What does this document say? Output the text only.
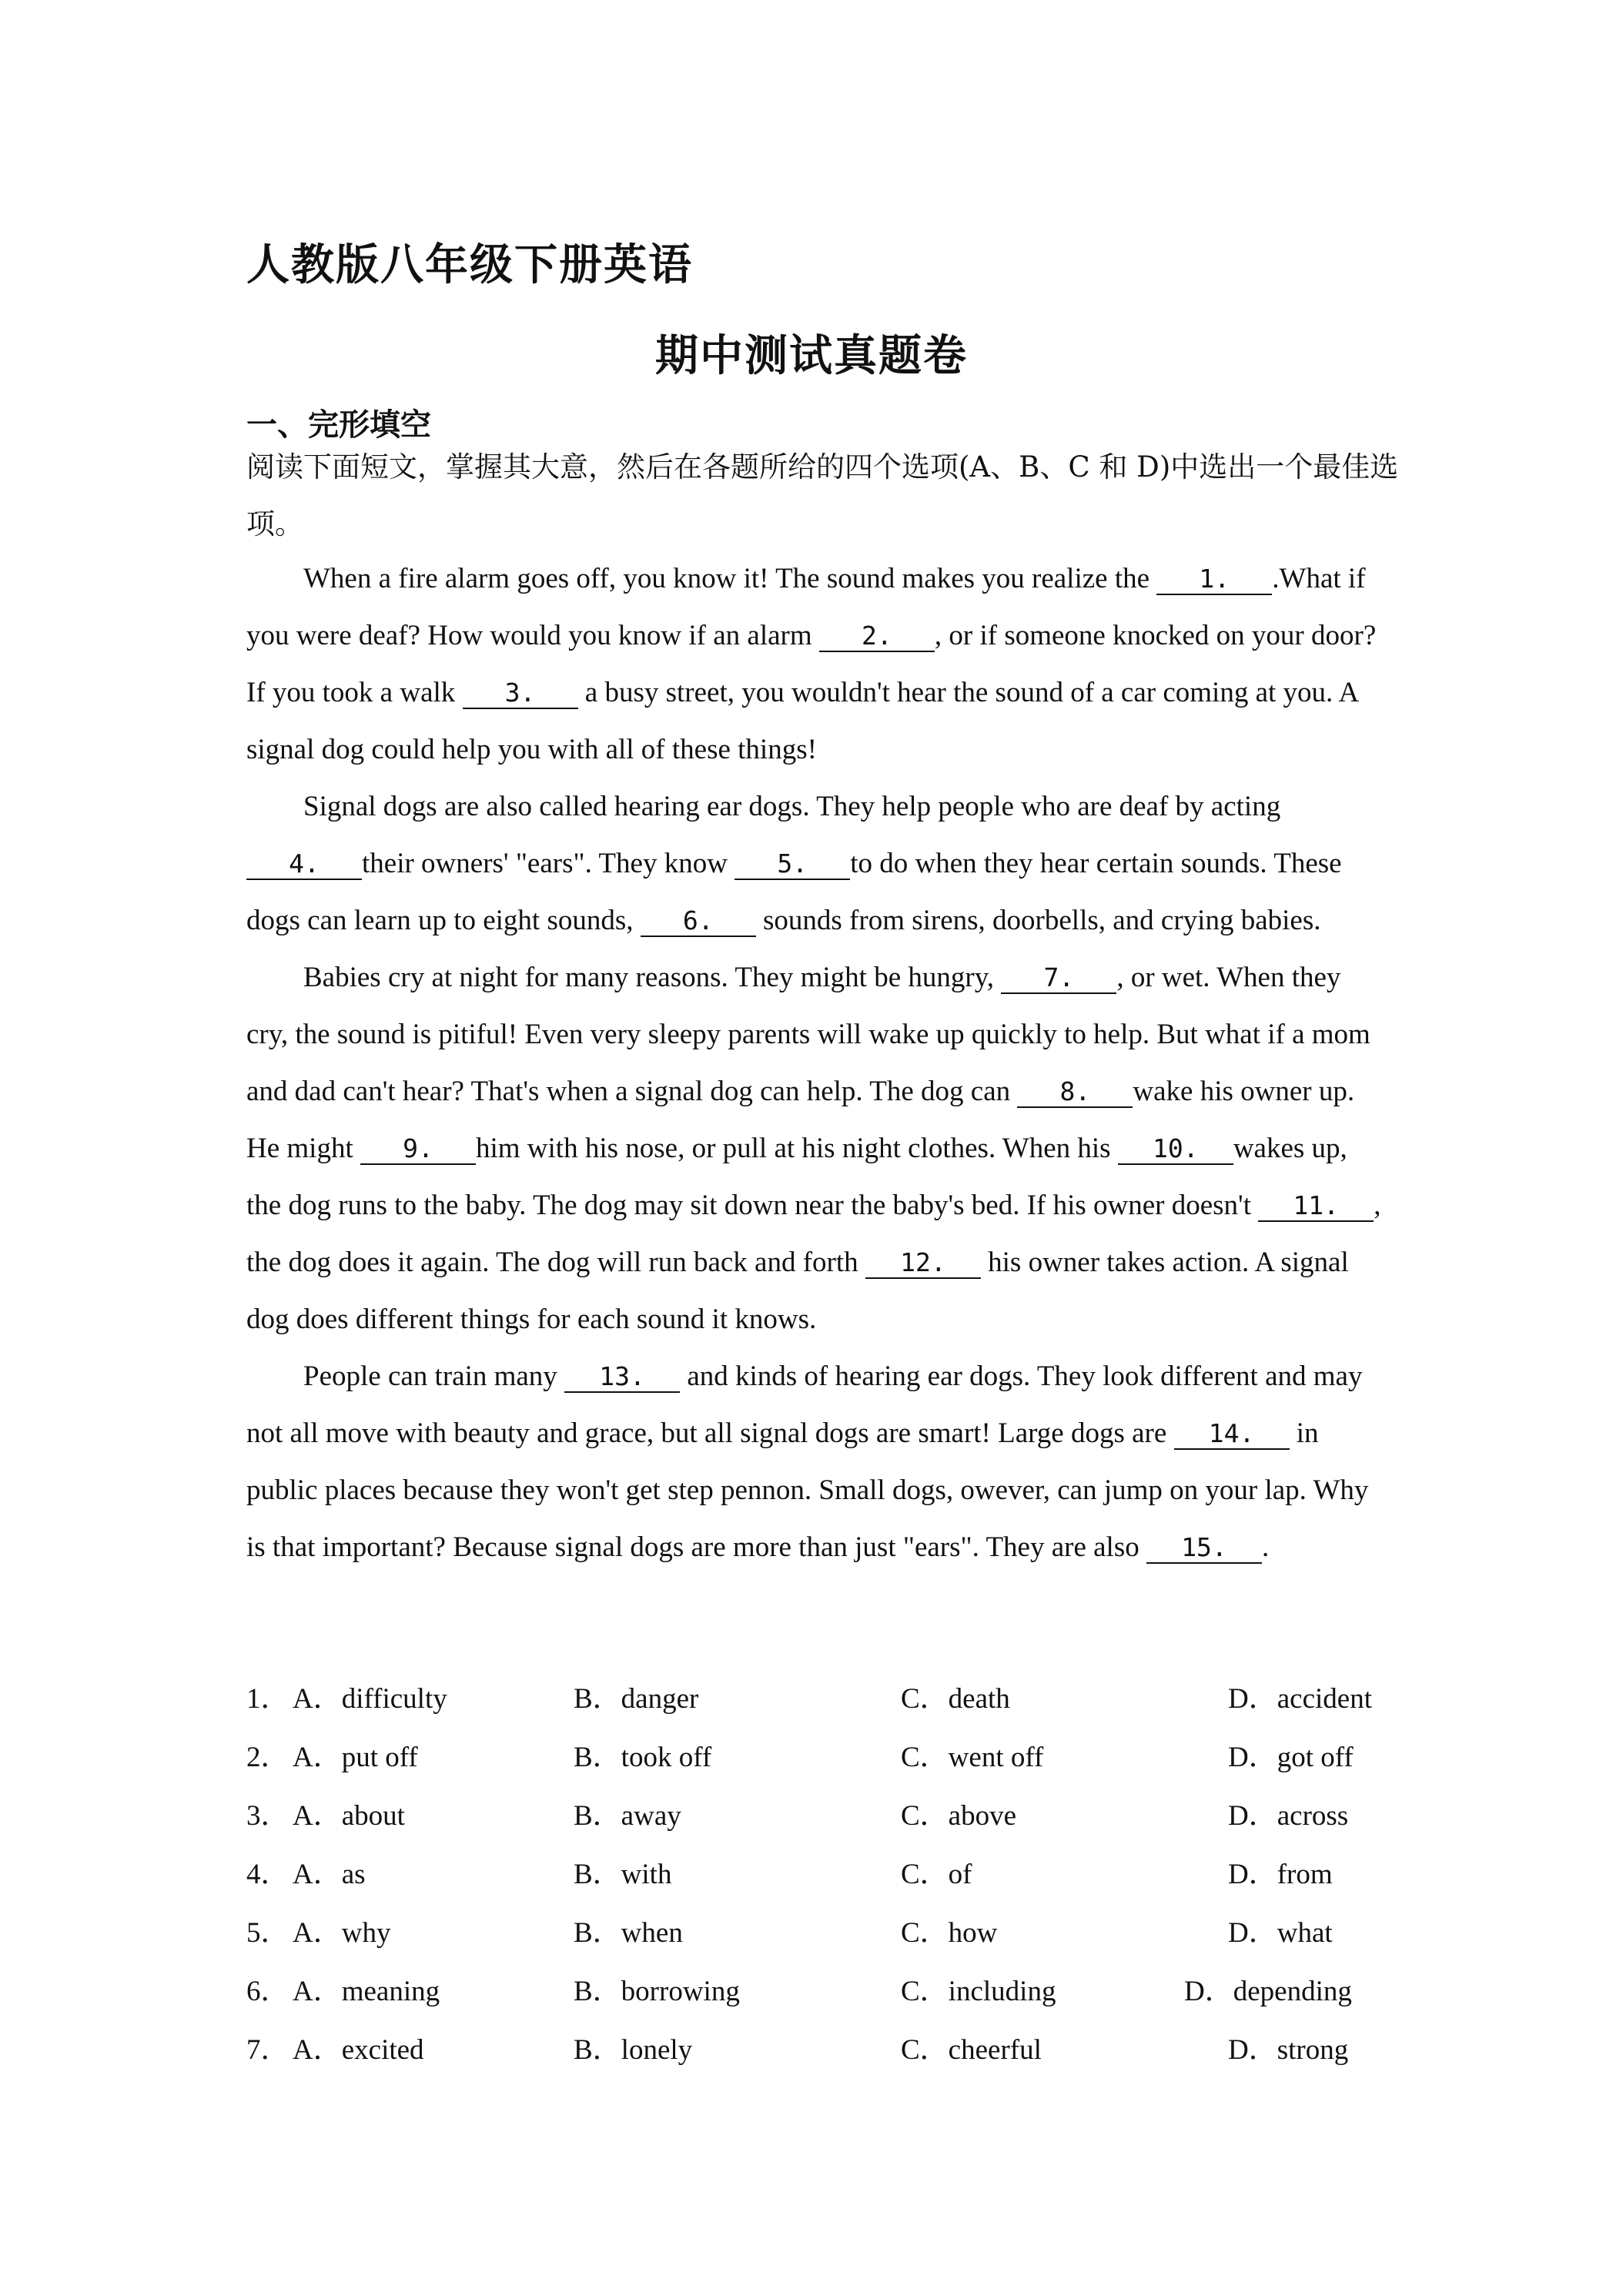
人教版八年级下册英语
期中测试真题卷
一、完形填空
阅读下面短文，掌握其大意，然后在各题所给的四个选项(A、B、C 和 D)中选出一个最佳选项。

When a fire alarm goes off, you know it! The sound makes you realize the 1. .What if you were deaf? How would you know if an alarm 2. , or if someone knocked on your door? If you took a walk 3. a busy street, you wouldn't hear the sound of a car coming at you. A signal dog could help you with all of these things!

Signal dogs are also called hearing ear dogs. They help people who are deaf by acting 4. their owners' "ears". They know 5. to do when they hear certain sounds. These dogs can learn up to eight sounds, 6. sounds from sirens, doorbells, and crying babies.

Babies cry at night for many reasons. They might be hungry, 7. , or wet. When they cry, the sound is pitiful! Even very sleepy parents will wake up quickly to help. But what if a mom and dad can't hear? That's when a signal dog can help. The dog can 8. wake his owner up. He might 9. him with his nose, or pull at his night clothes. When his 10. wakes up, the dog runs to the baby. The dog may sit down near the baby's bed. If his owner doesn't 11. , the dog does it again. The dog will run back and forth 12. his owner takes action. A signal dog does different things for each sound it knows.

People can train many 13. and kinds of hearing ear dogs. They look different and may not all move with beauty and grace, but all signal dogs are smart! Large dogs are 14. in public places because they won't get step pennon. Small dogs, owever, can jump on your lap. Why is that important? Because signal dogs are more than just "ears". They are also 15. .

1． A．difficulty	B．danger	C．death	D．accident
2． A．put off	B．took off	C．went off	D．got off
3． A．about	B．away	C．above	D．across
4． A．as	B．with	C．of	D．from
5． A．why	B．when	C．how	D．what
6． A．meaning	B．borrowing	C．including	D．depending
7． A．excited	B．lonely	C．cheerful	D．strong
